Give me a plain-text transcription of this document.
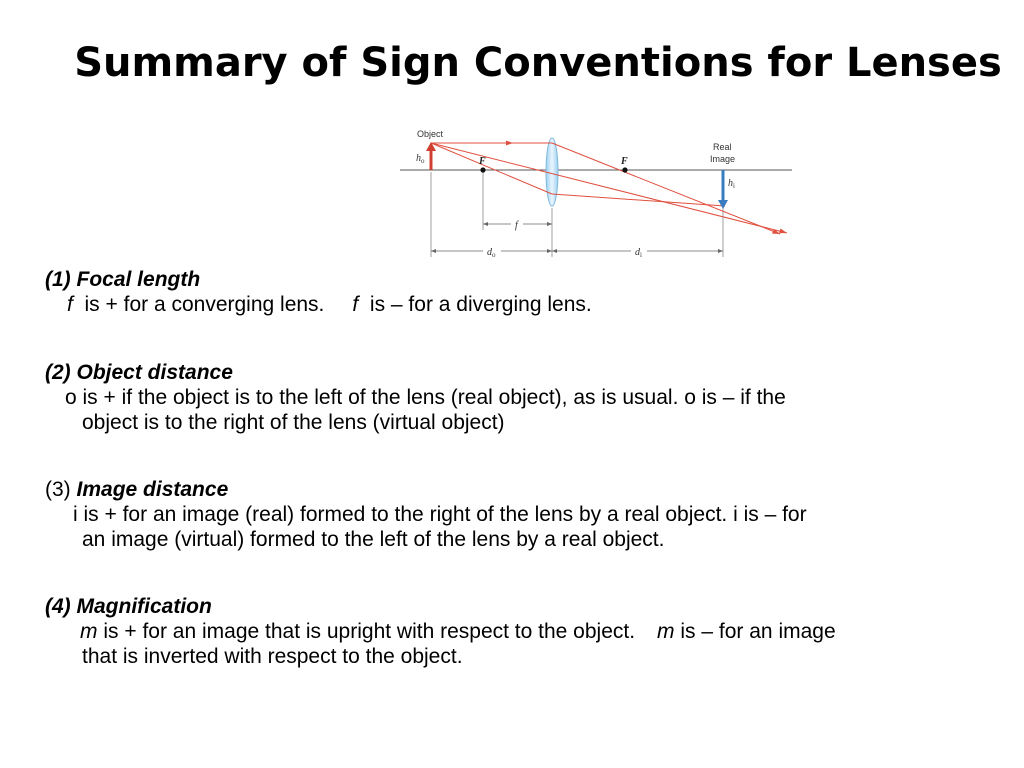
Summary of Sign Conventions for Lenses
f
$d_o$	$d_i$
F	F
Object
$h_o$
Real
Image
$h_i$
(1) Focal length
f is + for a converging lens. f is – for a diverging lens.
(2) Object distance
o is + if the object is to the left of the lens (real object), as is usual. o is – if the
object is to the right of the lens (virtual object)
(3) Image distance
i is + for an image (real) formed to the right of the lens by a real object. i is – for
an image (virtual) formed to the left of the lens by a real object.
(4) Magnification
m is + for an image that is upright with respect to the object. m is – for an image
that is inverted with respect to the object.
